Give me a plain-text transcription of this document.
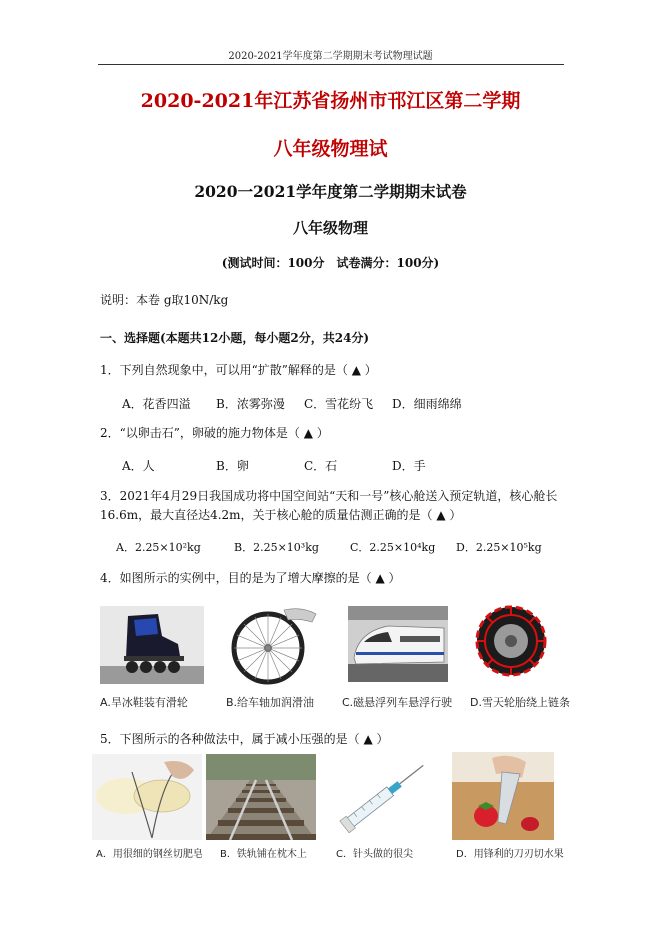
2020-2021学年度第二学期期末考试物理试题
2020-2021年江苏省扬州市邗江区第二学期
八年级物理试
2020一2021学年度第二学期期末试卷
八年级物理
(测试时间：100分　试卷满分：100分)
说明：本卷 g取10N/kg
一、选择题(本题共12小题，每小题2分，共24分)
1．下列自然现象中，可以用“扩散”解释的是（ ▲ ）
A．花香四溢 B．浓雾弥漫 C．雪花纷飞 D．细雨绵绵
2．“以卵击石”，卵破的施力物体是（ ▲ ）
A．人	B．卵	C．石	D．手
3．2021年4月29日我国成功将中国空间站“天和一号”核心舱送入预定轨道，核心舱长
16.6m，最大直径达4.2m，关于核心舱的质量估测正确的是（ ▲ ）
A．2.25×10²kg	B．2.25×10³kg	C．2.25×10⁴kg D．2.25×10⁵kg
4．如图所示的实例中，目的是为了增大摩擦的是（ ▲ ）
A.旱冰鞋装有滑轮	B.给车轴加润滑油	C.磁悬浮列车悬浮行驶 D.雪天轮胎绕上链条
5．下图所示的各种做法中，属于减小压强的是（ ▲ ）
A．用很细的钢丝切肥皂 B．铁轨铺在枕木上	C．针头做的很尖	D．用锋利的刀刃切水果
